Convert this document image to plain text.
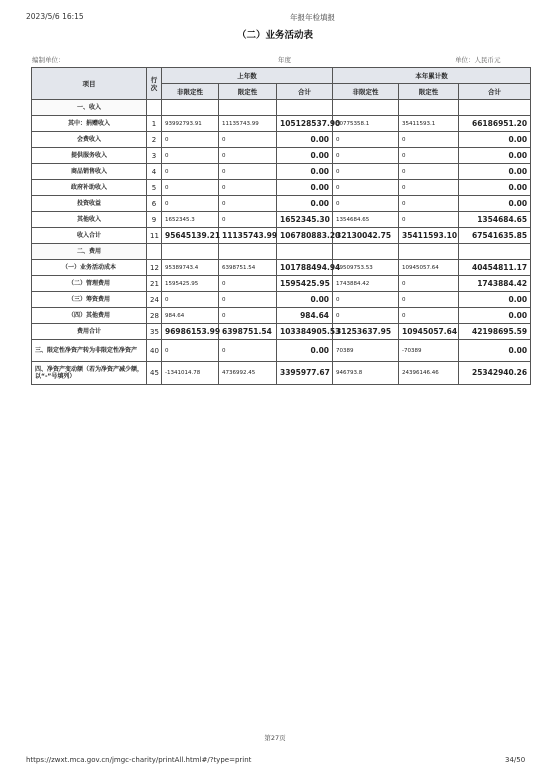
2023/5/6 16:15	年报年检填报
（二）业务活动表
编制单位：	年度	单位：人民币元
项目	行次	上年数			本年累计数		
		非限定性	限定性	合计	非限定性	限定性	合计
一、收入							
其中：捐赠收入	1	93992793.91	11135743.99	105128537.90	30775358.1	35411593.1	66186951.20
会费收入	2	0	0	0.00	0	0	0.00
提供服务收入	3	0	0	0.00	0	0	0.00
商品销售收入	4	0	0	0.00	0	0	0.00
政府补助收入	5	0	0	0.00	0	0	0.00
投资收益	6	0	0	0.00	0	0	0.00
其他收入	9	1652345.3	0	1652345.30	1354684.65	0	1354684.65
收入合计	11	95645139.21	11135743.99	106780883.20	32130042.75	35411593.10	67541635.85
二、费用							
（一）业务活动成本	12	95389743.4	6398751.54	101788494.94	29509753.53	10945057.64	40454811.17
（二）管理费用	21	1595425.95	0	1595425.95	1743884.42	0	1743884.42
（三）筹资费用	24	0	0	0.00	0	0	0.00
（四）其他费用	28	984.64	0	984.64	0	0	0.00
费用合计	35	96986153.99	6398751.54	103384905.53	31253637.95	10945057.64	42198695.59
三、限定性净资产转为非限定性净资产	40	0	0	0.00	70389	-70389	0.00
四、净资产变动额（若为净资产减少额，以“-”号填列）	45	-1341014.78	4736992.45	3395977.67	946793.8	24396146.46	25342940.26
第27页
https://zwxt.mca.gov.cn/jmgc-charity/printAll.html#/?type=print	34/50
